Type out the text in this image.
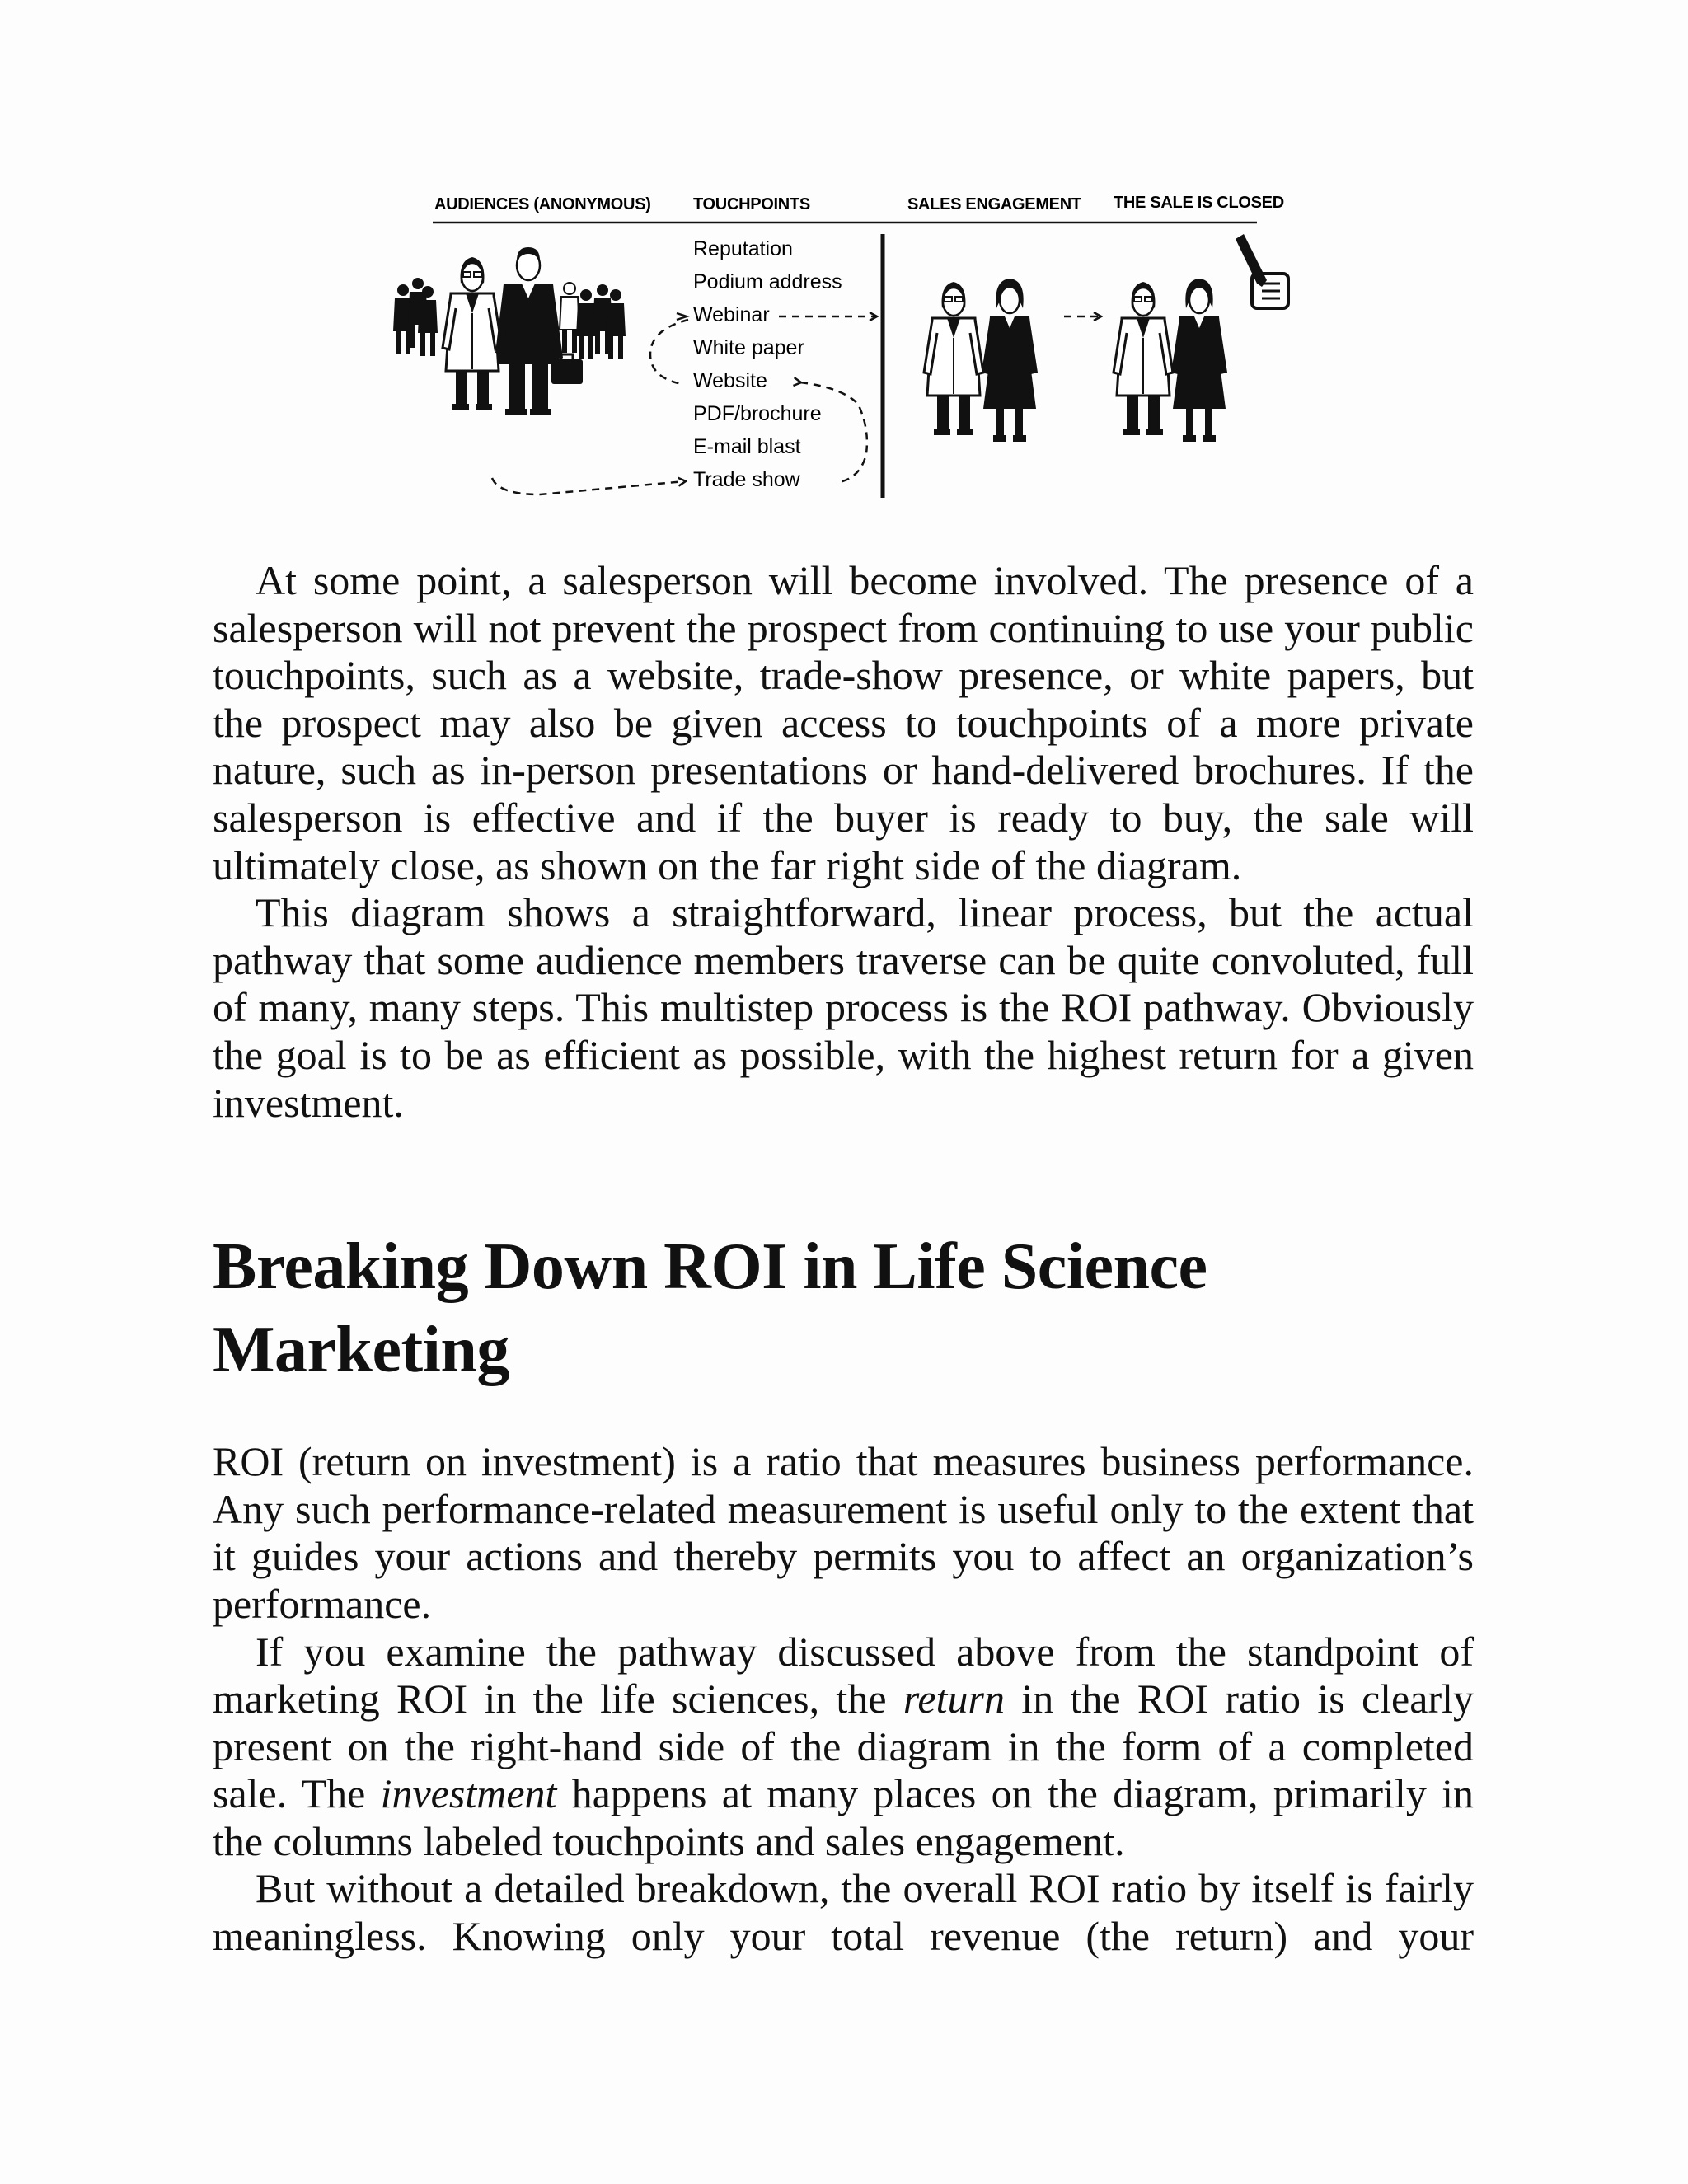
AUDIENCES (ANONYMOUS)	TOUCHPOINTS	SALES ENGAGEMENT THE SALE IS CLOSED
Reputation
Podium address
Webinar
White paper
Website
PDF/brochure
E-mail blast
Trade show

At some point, a salesperson will become involved. The presence of a salesperson will not prevent the prospect from continuing to use your public touchpoints, such as a website, trade-show presence, or white papers, but the prospect may also be given access to touchpoints of a more private nature, such as in-person presentations or hand-delivered brochures. If the salesperson is effective and if the buyer is ready to buy, the sale will ultimately close, as shown on the far right side of the diagram.

This diagram shows a straightforward, linear process, but the actual pathway that some audience members traverse can be quite convoluted, full of many, many steps. This multistep process is the ROI pathway. Obviously the goal is to be as efficient as possible, with the highest return for a given investment.

Breaking Down ROI in Life Science Marketing

ROI (return on investment) is a ratio that measures business performance. Any such performance-related measurement is useful only to the extent that it guides your actions and thereby permits you to affect an organization’s performance.

If you examine the pathway discussed above from the standpoint of marketing ROI in the life sciences, the return in the ROI ratio is clearly present on the right-hand side of the diagram in the form of a completed sale. The investment happens at many places on the diagram, primarily in the columns labeled touchpoints and sales engagement.

But without a detailed breakdown, the overall ROI ratio by itself is fairly meaningless. Knowing only your total revenue (the return) and your
